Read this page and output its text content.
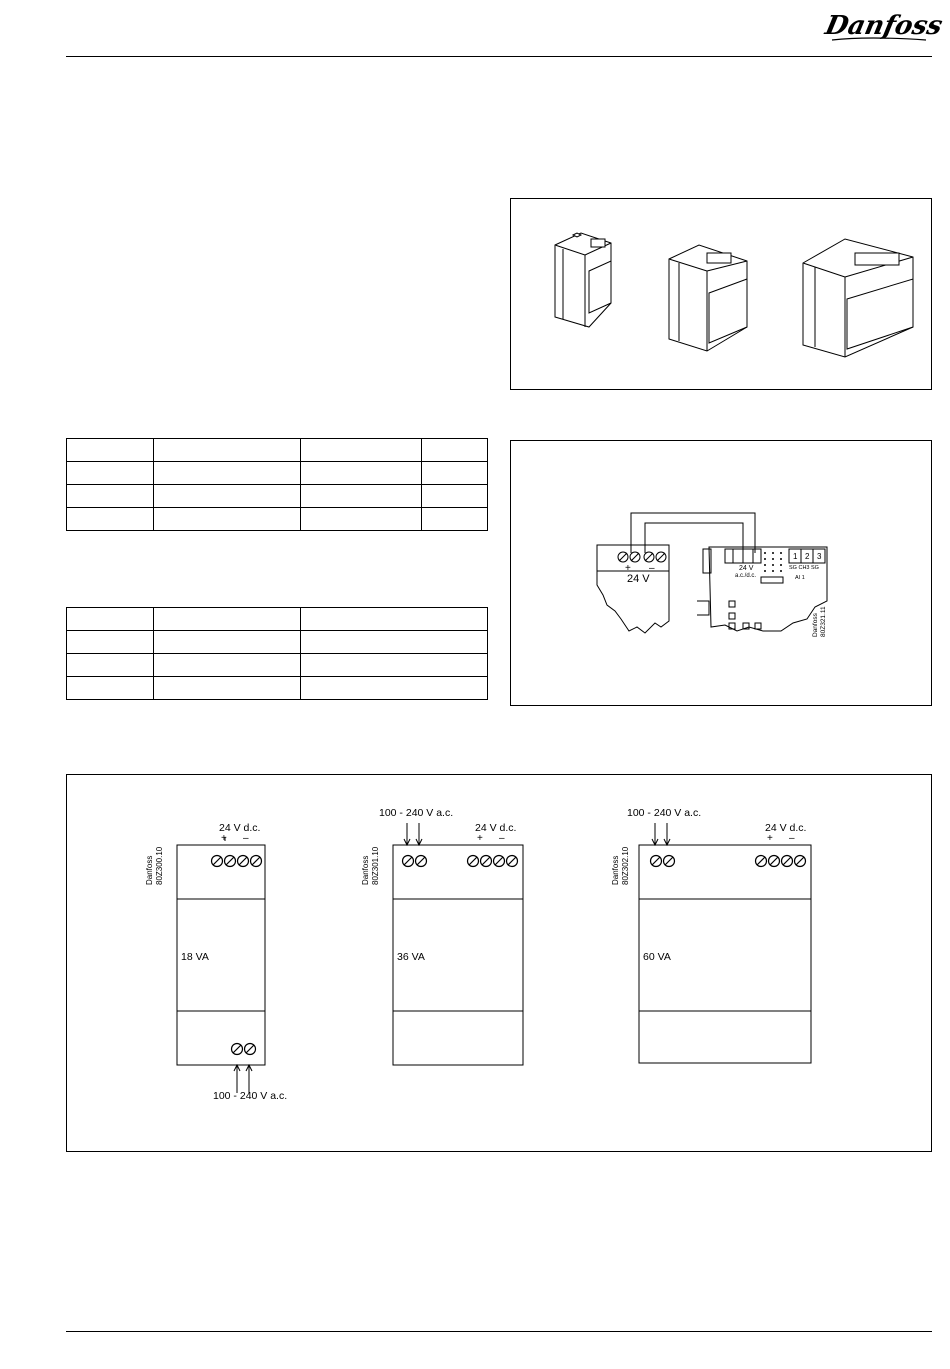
Danfoss

+ –
24 V
24 V
a.c./d.c.
1 2 3
SG CH3 SG
AI 1
Danfoss 80Z321.11
24 V d.c.
+ –
Danfoss 80Z300.10
18 VA
100 - 240 V a.c.
100 - 240 V a.c.
24 V d.c.
+ –
Danfoss 80Z301.10
36 VA
100 - 240 V a.c.
24 V d.c.
+ –
Danfoss 80Z302.10
60 VA
